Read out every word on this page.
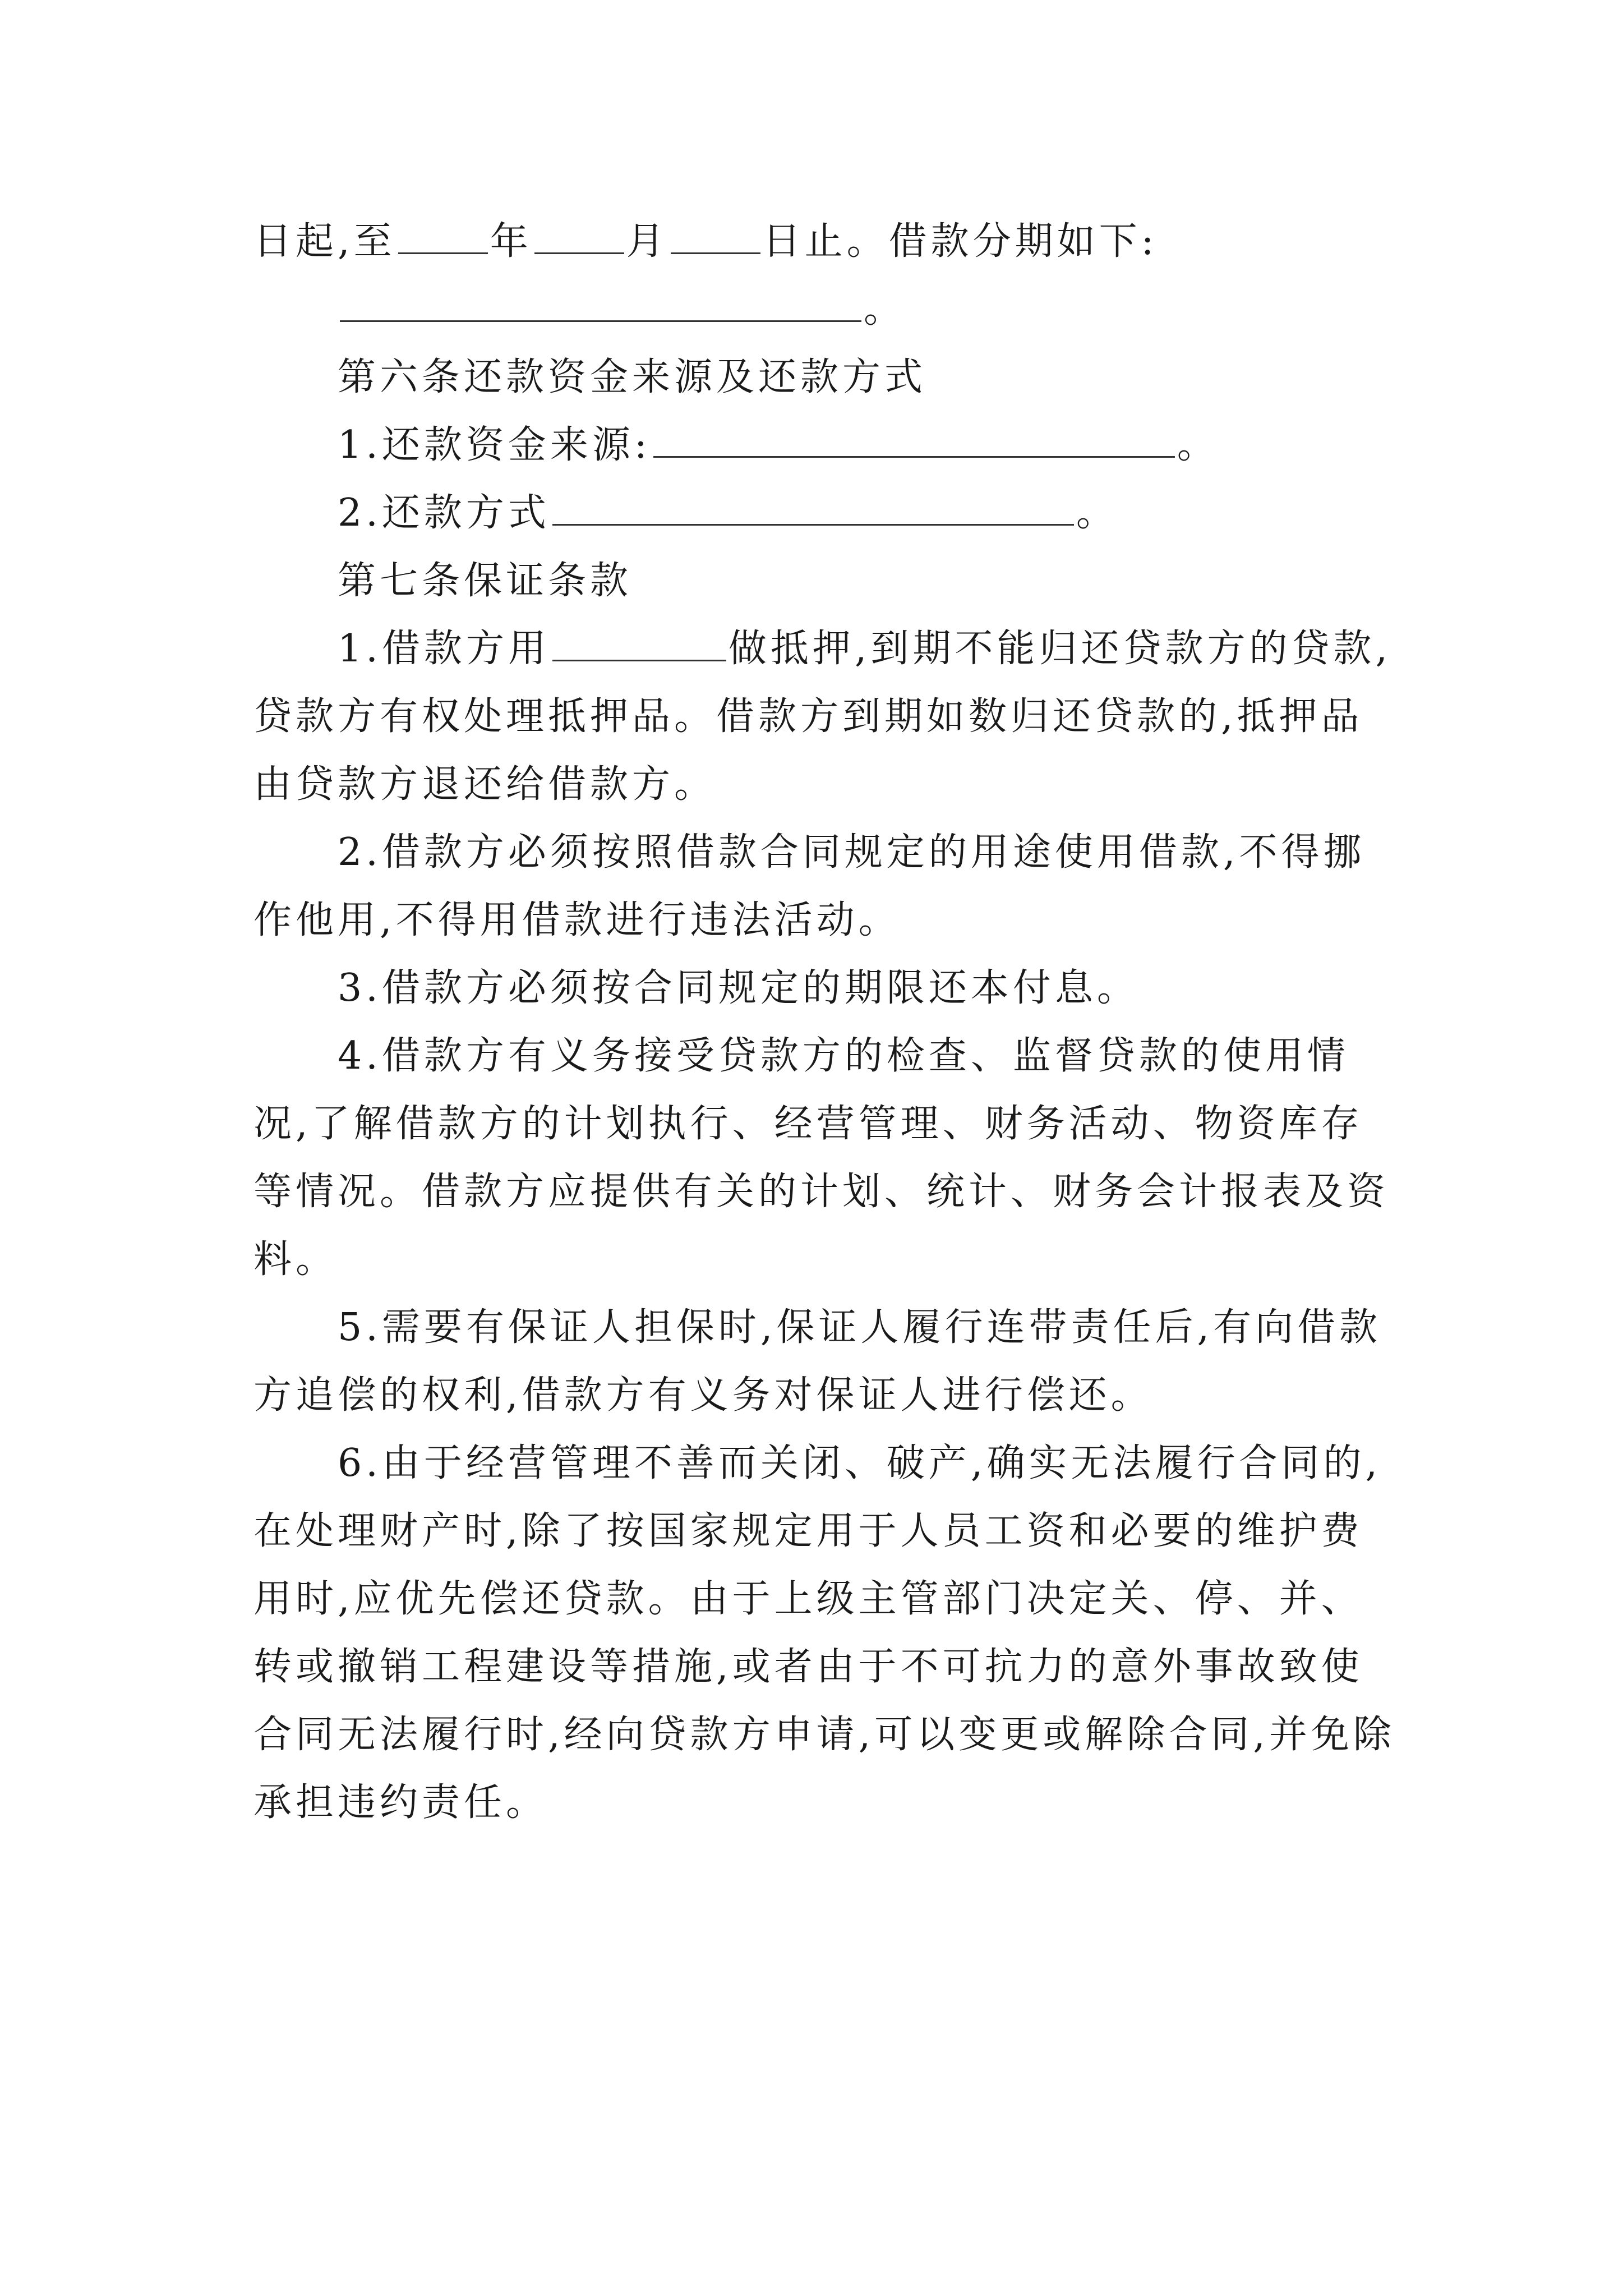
日起,至 年 月 日止。借款分期如下:
。
第六条还款资金来源及还款方式
1.还款资金来源:	。
2.还款方式	。
第七条保证条款
1.借款方用	做抵押,到期不能归还贷款方的贷款,贷款方有权处理抵押品。借款方到期如数归还贷款的,抵押品由贷款方退还给借款方。
2.借款方必须按照借款合同规定的用途使用借款,不得挪作他用,不得用借款进行违法活动。
3.借款方必须按合同规定的期限还本付息。
4.借款方有义务接受贷款方的检查、监督贷款的使用情况,了解借款方的计划执行、经营管理、财务活动、物资库存等情况。借款方应提供有关的计划、统计、财务会计报表及资料。
5.需要有保证人担保时,保证人履行连带责任后,有向借款方追偿的权利,借款方有义务对保证人进行偿还。
6.由于经营管理不善而关闭、破产,确实无法履行合同的,在处理财产时,除了按国家规定用于人员工资和必要的维护费用时,应优先偿还贷款。由于上级主管部门决定关、停、并、转或撤销工程建设等措施,或者由于不可抗力的意外事故致使合同无法履行时,经向贷款方申请,可以变更或解除合同,并免除承担违约责任。
